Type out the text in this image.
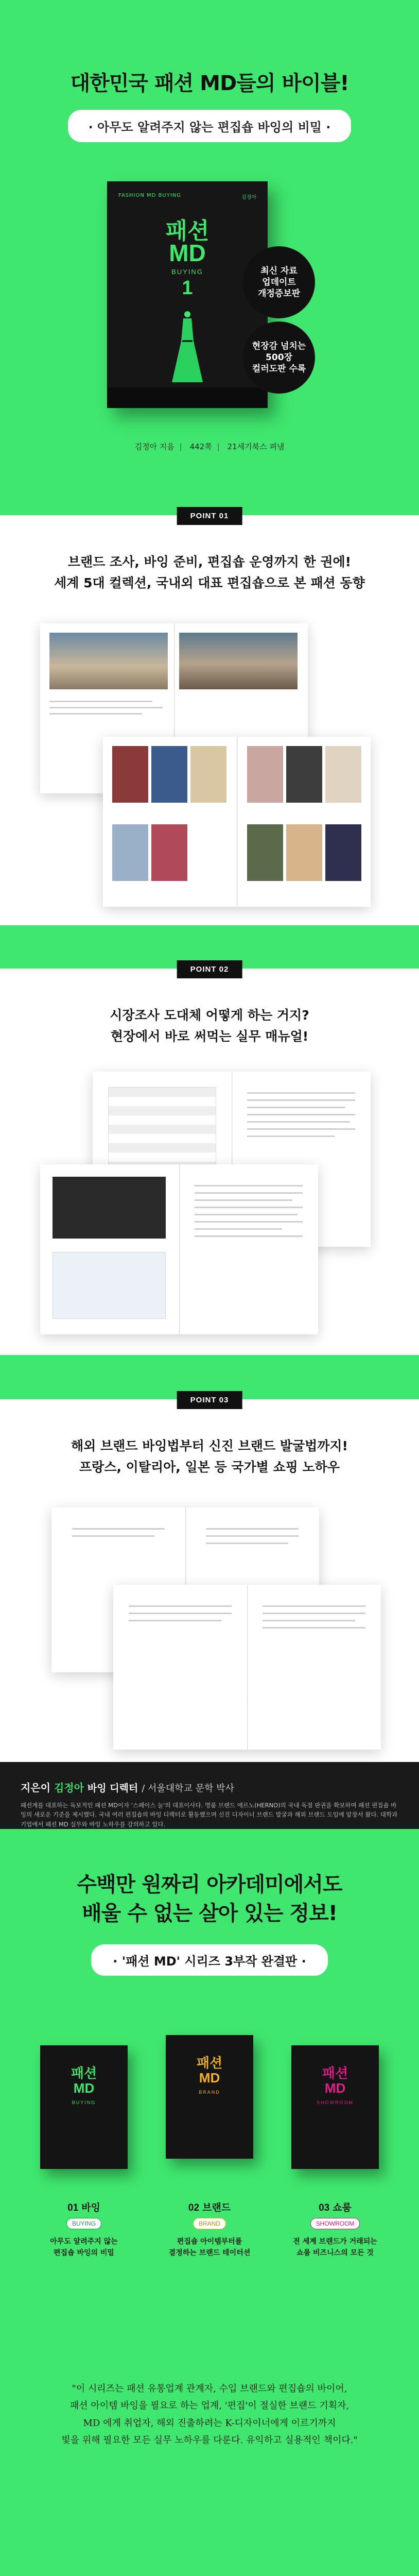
대한민국 패션 MD들의 바이블!
· 아무도 알려주지 않는 편집숍 바잉의 비밀 ·
FASHION MD BUYING	김정아
패션
MD
BUYING
1
최신 자료
업데이트
개정증보판
현장감 넘치는
500장
컬러도판 수록
김정아 지음 | 442쪽 | 21세기북스 펴냄
POINT 01
브랜드 조사, 바잉 준비, 편집숍 운영까지 한 권에!
세계 5대 컬렉션, 국내외 대표 편집숍으로 본 패션 동향
POINT 02
시장조사 도대체 어떻게 하는 거지?
현장에서 바로 써먹는 실무 매뉴얼!
POINT 03
해외 브랜드 바잉법부터 신진 브랜드 발굴법까지!
프랑스, 이탈리아, 일본 등 국가별 쇼핑 노하우
지은이 김정아 바잉 디렉터 / 서울대학교 문학 박사
패션계를 대표하는 독보적인 패션 MD이자 '스페이스 눌'의 대표이사다. 명품 브랜드 에르노(HERNO)의 국내 독점 판권을 확보하며 패션 편집숍 바잉의 새로운 기준을 제시했다. 국내 여러 편집숍의 바잉 디렉터로 활동했으며 신진 디자이너 브랜드 발굴과 해외 브랜드 도입에 앞장서 왔다. 대학과 기업에서 패션 MD 실무와 바잉 노하우를 강의하고 있다.
수백만 원짜리 아카데미에서도
배울 수 없는 살아 있는 정보!
· '패션 MD' 시리즈 3부작 완결판 ·
패션
MD
BUYING
패션
MD
BRAND
패션
MD
SHOWROOM
01 바잉
BUYING
아무도 알려주지 않는
편집숍 바잉의 비밀
02 브랜드
BRAND
편집숍 아이템부터를
결정하는 브랜드 테이터션
03 쇼룸
SHOWROOM
전 세계 브랜드가 거래되는
쇼룸 비즈니스의 모든 것
"이 시리즈는 패션 유통업계 관계자, 수입 브랜드와 편집숍의 바이어,
패션 아이템 바잉을 필요로 하는 업계, '편집'이 절실한 브랜드 기획자,
MD 에게 취업자, 해외 진출하려는 K-디자이너에게 이르기까지
빛을 위해 필요한 모든 실무 노하우를 다룬다. 유익하고 실용적인 책이다."
